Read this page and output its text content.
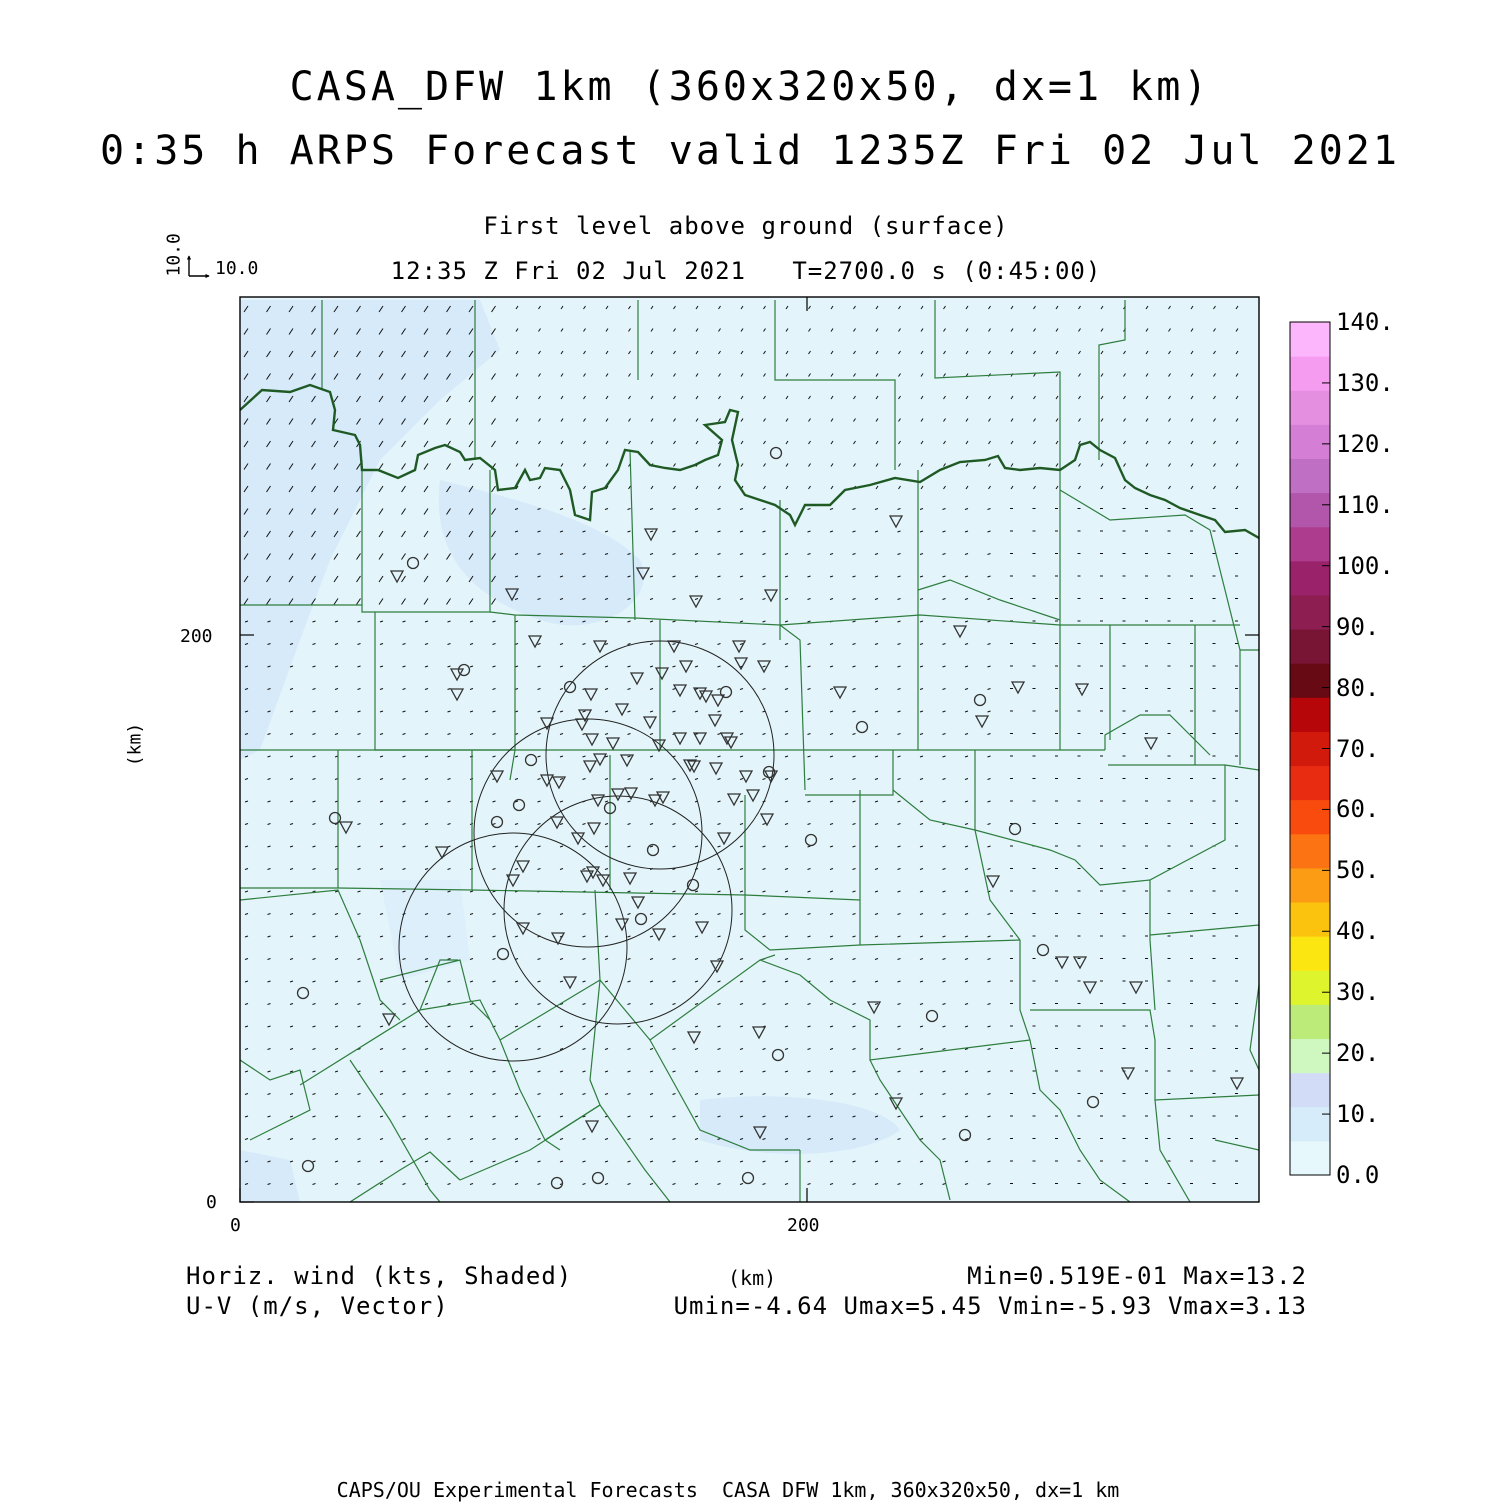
CASA_DFW 1km (360x320x50, dx=1 km)
0:35 h ARPS Forecast valid 1235Z Fri 02 Jul 2021
First level above ground (surface)
12:35 Z Fri 02 Jul 2021   T=2700.0 s (0:45:00)
10.0 10.0
0	200
0
200
(km)
0.0
10.
20.
30.
40.
50.
60.
70.
80.
90.
100.
110.
120.
130.
140.
Horiz. wind (kts, Shaded)
U-V (m/s, Vector)
(km)	Min=0.519E-01 Max=13.2
Umin=-4.64 Umax=5.45 Vmin=-5.93 Vmax=3.13
CAPS/OU Experimental Forecasts  CASA DFW 1km, 360x320x50, dx=1 km
